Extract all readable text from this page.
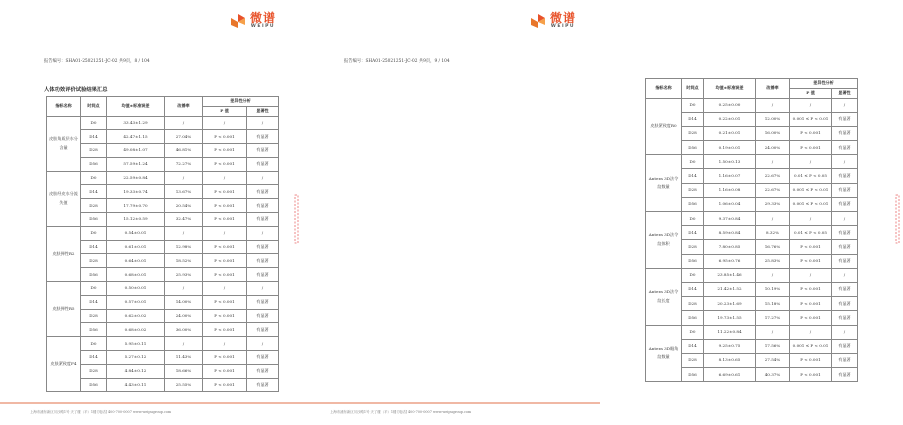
微谱
WEIPU
报告编号：SHA01-25021251-JC-02 共9页，8 / 104
人体功效评价试验结果汇总
指标名称	时间点	均值±标准误差	改善率	差异性分析	
				P 值	显著性
皮肤角质层水分含量	D0	33.43±1.29	/	/	/
	D14	42.47±1.15	27.04%	P < 0.001	有显著
	D28	49.08±1.07	46.81%	P < 0.001	有显著
	D56	57.59±1.24	72.27%	P < 0.001	有显著
皮肤经皮水分流失值	D0	22.59±0.84	/	/	/
	D14	19.33±0.74	13.67%	P < 0.001	有显著
	D28	17.79±0.70	20.54%	P < 0.001	有显著
	D56	15.12±0.59	32.47%	P < 0.001	有显著
皮肤弹性R2	D0	0.54±0.01	/	/	/
	D14	0.61±0.01	12.98%	P < 0.001	有显著
	D28	0.64±0.01	18.52%	P < 0.001	有显著
	D56	0.68±0.01	25.93%	P < 0.001	有显著
皮肤弹性R5	D0	0.50±0.01	/	/	/
	D14	0.57±0.01	14.00%	P < 0.001	有显著
	D28	0.62±0.02	24.00%	P < 0.001	有显著
	D56	0.68±0.02	36.00%	P < 0.001	有显著
皮肤紧致度F4	D0	5.95±0.11	/	/	/
	D14	5.27±0.12	11.43%	P < 0.001	有显著
	D28	4.84±0.12	18.66%	P < 0.001	有显著
	D56	4.43±0.11	25.55%	P < 0.001	有显著
上海市浦东新区川沙路1号 天了楼（平）1楼 [电话] 400-700-0007 www.weipugroup.com
微谱
WEIPU
报告编号：SHA01-25021251-JC-02 共9页，9 / 104
指标名称	时间点	均值±标准误差	改善率	差异性分析	
				P 值	显著性
皮肤紧致度R0	D0	0.25±0.00	/	/	/
	D14	0.22±0.01	12.00%	0.001 ≤ P < 0.01	有显著
	D28	0.21±0.01	16.00%	P < 0.001	有显著
	D56	0.19±0.01	24.00%	P < 0.001	有显著
Antera 3D法令纹数量	D0	1.50±0.13	/	/	/
	D14	1.16±0.07	22.67%	0.01 ≤ P < 0.05	有显著
	D28	1.16±0.08	22.67%	0.001 ≤ P < 0.01	有显著
	D56	1.06±0.04	29.33%	0.001 ≤ P < 0.01	有显著
Antera 3D法令纹体积	D0	9.37±0.84	/	/	/
	D14	8.59±0.84	8.32%	0.01 ≤ P < 0.05	有显著
	D28	7.80±0.85	16.76%	P < 0.001	有显著
	D56	6.95±0.76	25.83%	P < 0.001	有显著
Antera 3D法令纹长度	D0	23.85±1.46	/	/	/
	D14	21.42±1.52	10.19%	P < 0.001	有显著
	D28	20.23±1.69	15.18%	P < 0.001	有显著
	D56	19.73±1.55	17.27%	P < 0.001	有显著
Antera 3D眼角纹数量	D0	11.22±0.84	/	/	/
	D14	9.25±0.75	17.56%	0.001 ≤ P < 0.01	有显著
	D28	8.13±0.65	27.54%	P < 0.001	有显著
	D56	6.69±0.61	40.37%	P < 0.001	有显著
上海市浦东新区川沙路1号 天了楼（平）1楼 [电话] 400-700-0007 www.weipugroup.com
